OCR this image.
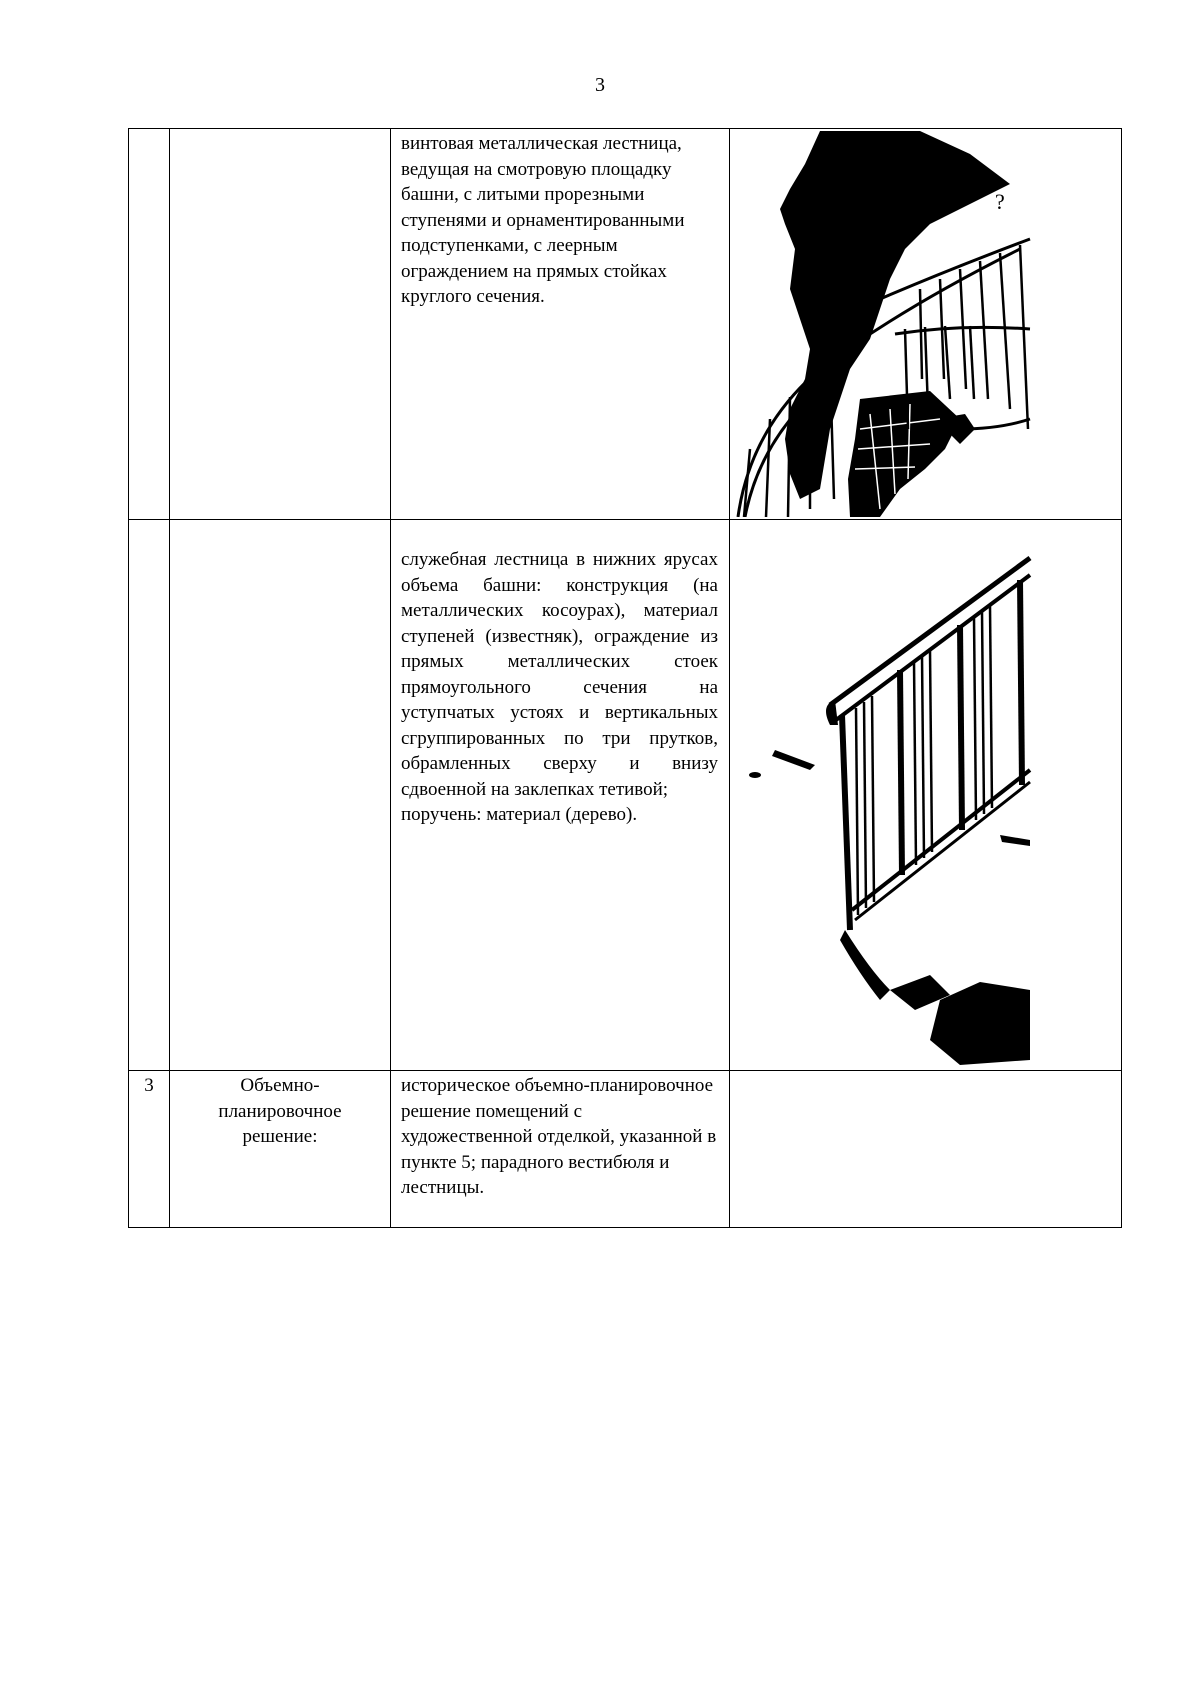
3

		винтовая металлическая лестница, ведущая на смотровую площадку башни, с литыми прорезными ступенями и орнаментированными подступенками, с леерным ограждением на прямых стойках круглого сечения.	?

		служебная лестница в нижних ярусах объема башни: конструкция (на металлических косоурах), материал ступеней (известняк), ограждение из прямых металлических стоек прямоугольного сечения на уступчатых устоях и вертикальных сгруппированных по три прутков, обрамленных сверху и внизу сдвоенной на заклепках тетивой;
поручень: материал (дерево).

3	Объемно-планировочное решение:	историческое объемно-планировочное решение помещений с художественной отделкой, указанной в пункте 5; парадного вестибюля и лестницы.	
